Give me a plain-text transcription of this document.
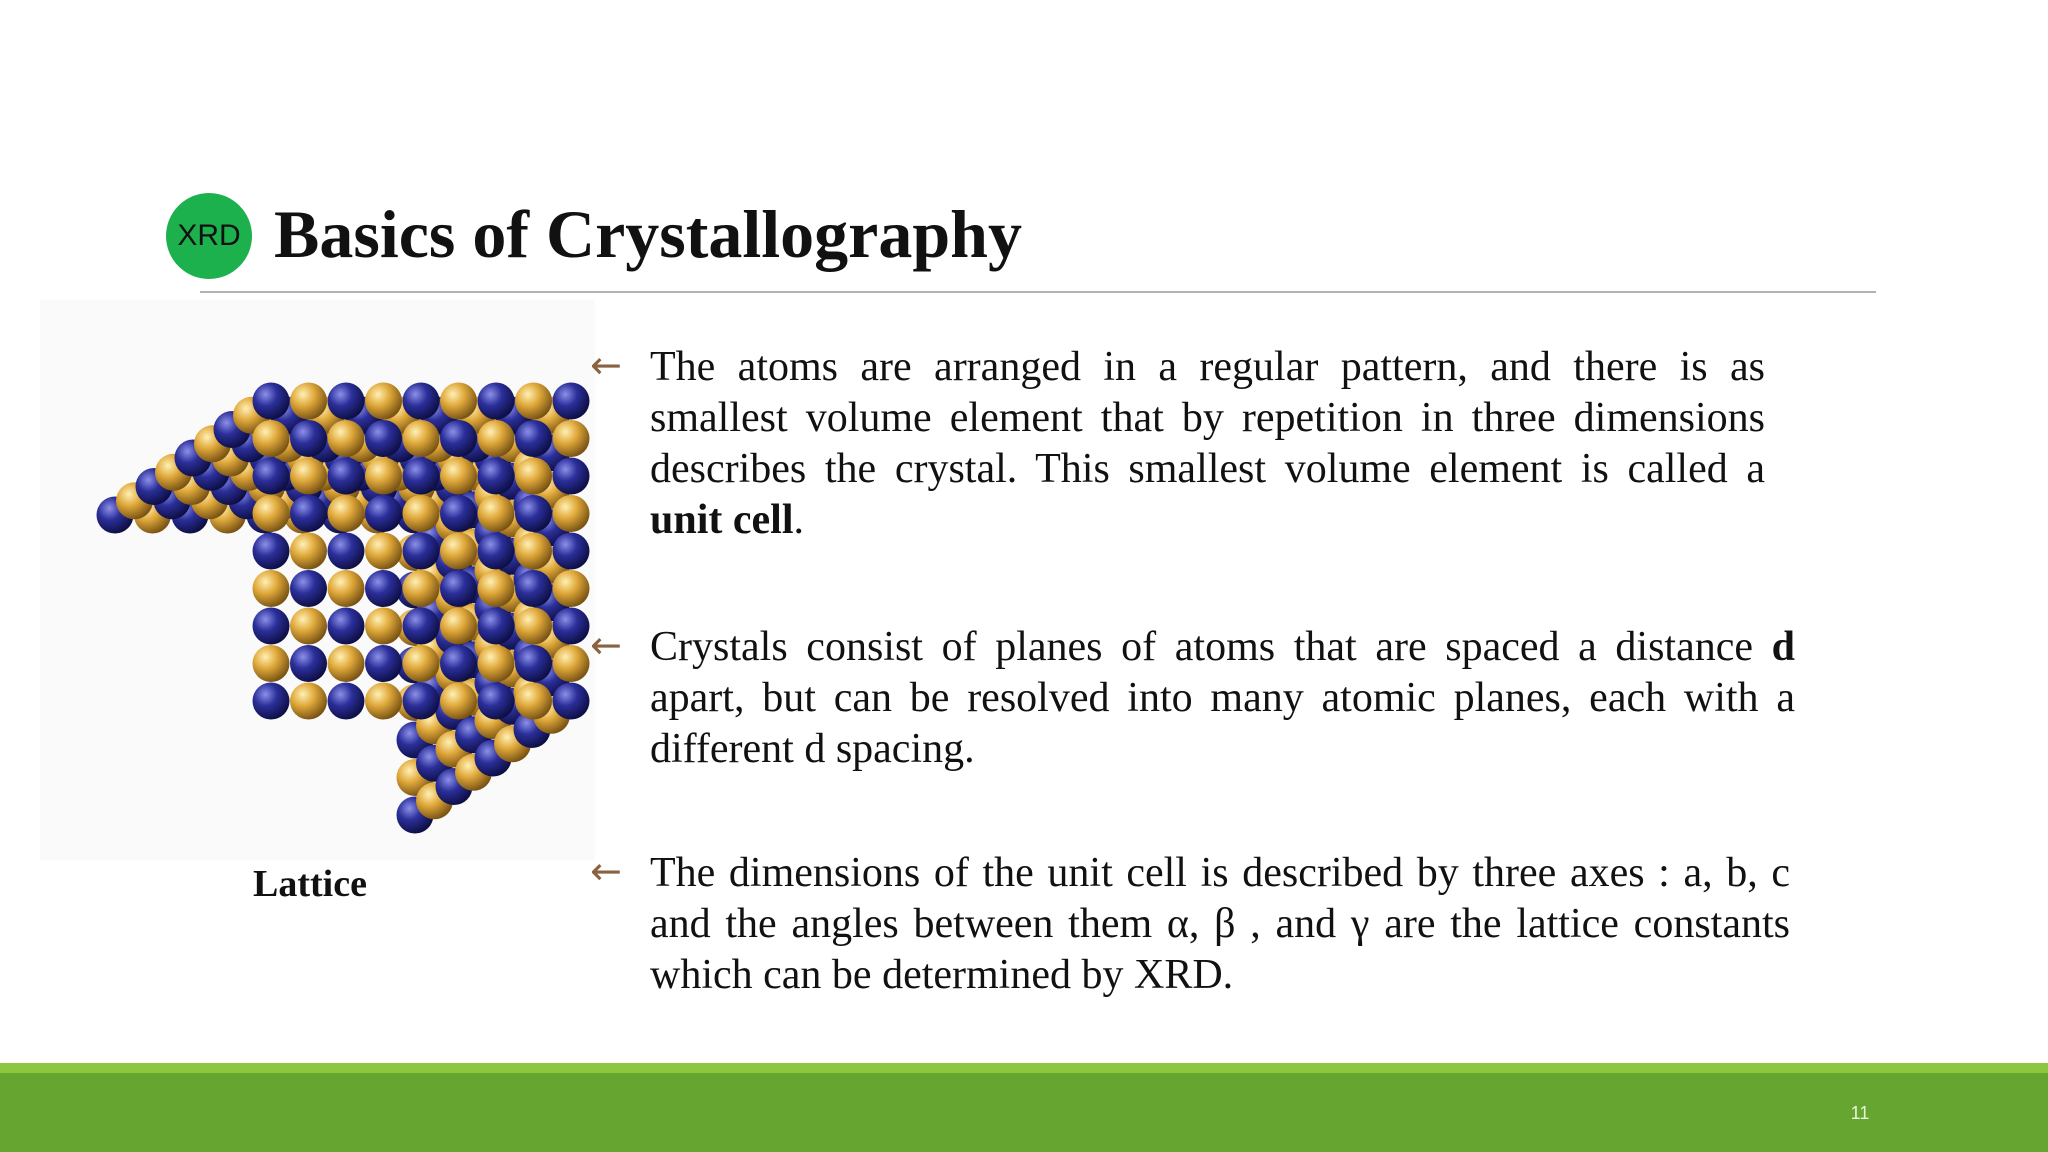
XRD Basics of Crystallography
Lattice
← The atoms are arranged in a regular pattern, and there is as smallest volume element that by repetition in three dimensions describes the crystal. This smallest volume element is called a unit cell.
← Crystals consist of planes of atoms that are spaced a distance d apart, but can be resolved into many atomic planes, each with a different d spacing.
← The dimensions of the unit cell is described by three axes : a, b, c and the angles between them α, β , and γ are the lattice constants which can be determined by XRD.
11
